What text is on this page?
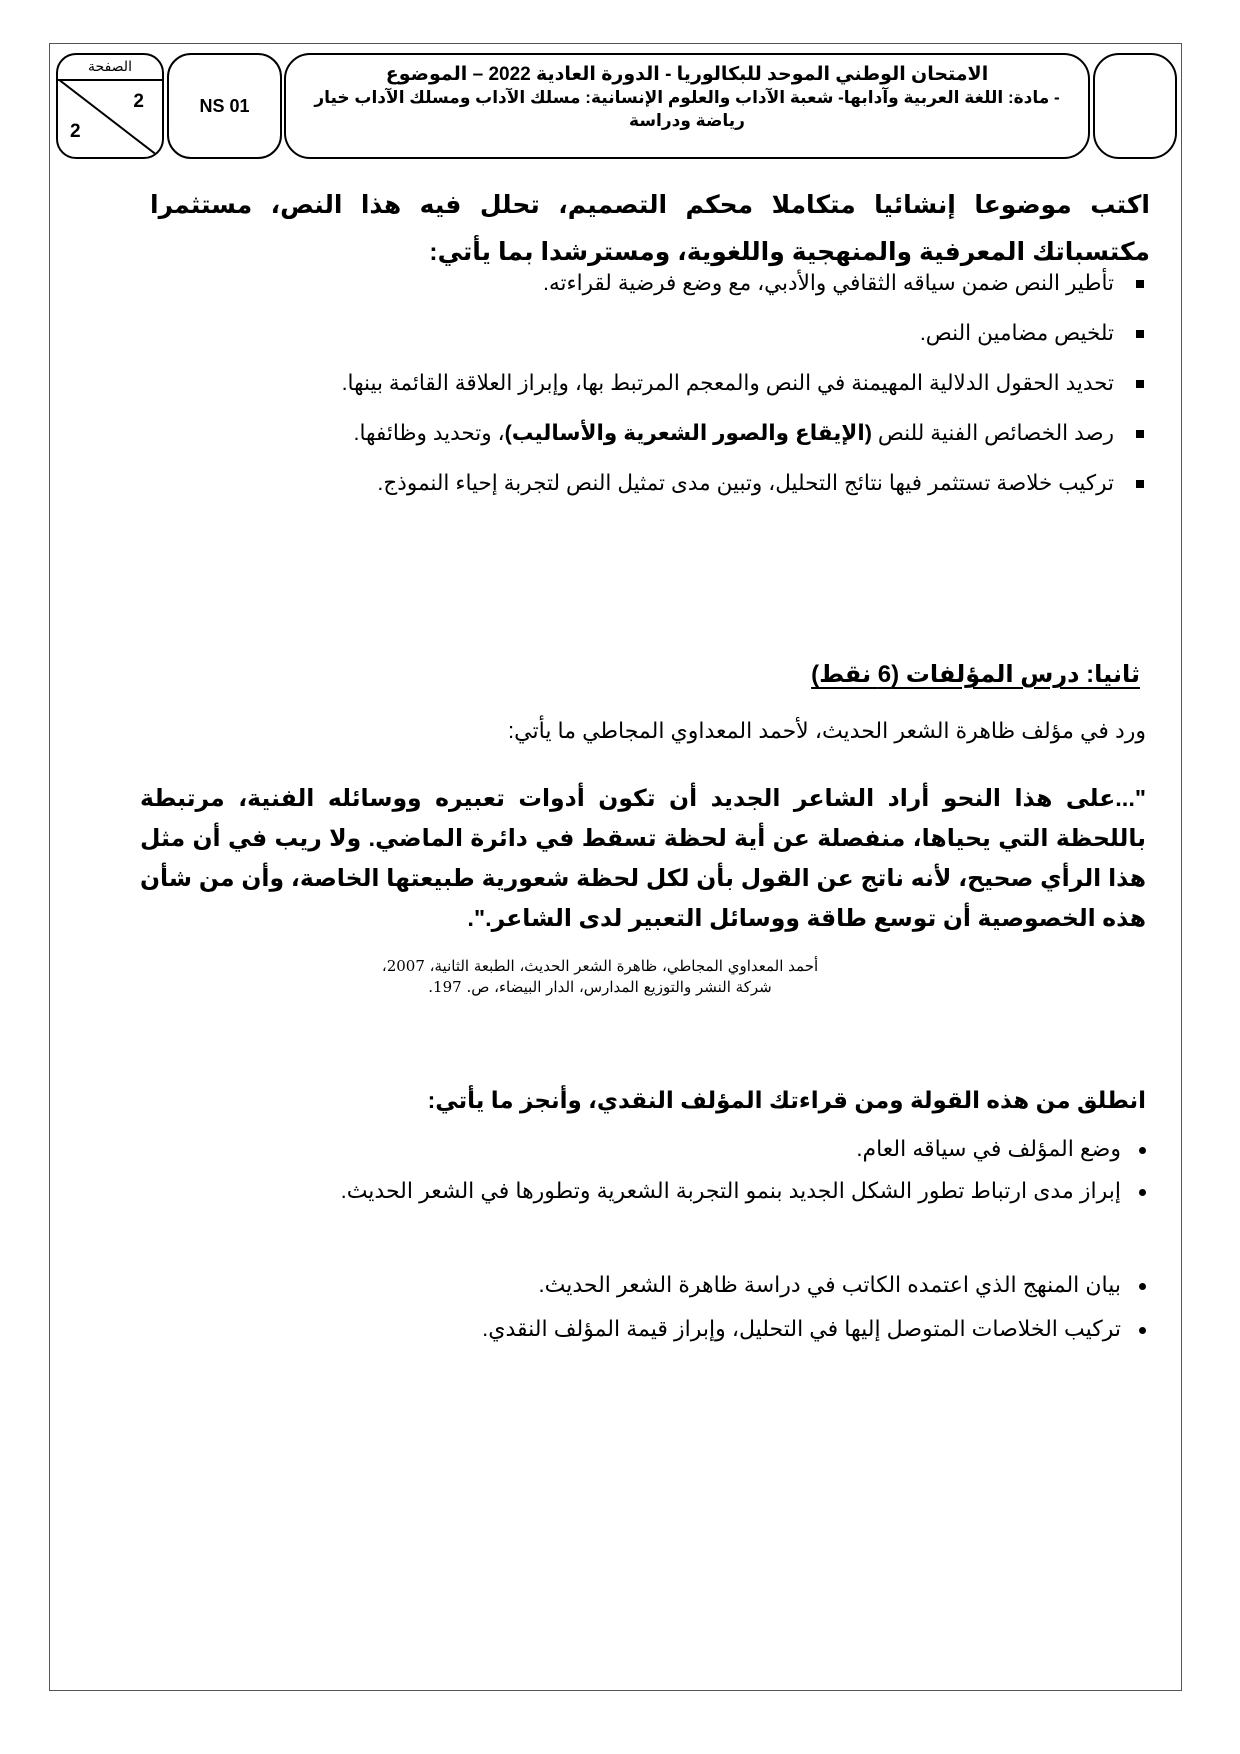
الصفحة
2
2
NS 01
الامتحان الوطني الموحد للبكالوريا - الدورة العادية 2022 – الموضوع
- مادة: اللغة العربية وآدابها- شعبة الآداب والعلوم الإنسانية: مسلك الآداب ومسلك الآداب خيار
رياضة ودراسة
اكتب موضوعا إنشائيا متكاملا محكم التصميم، تحلل فيه هذا النص، مستثمرا مكتسباتك المعرفية والمنهجية واللغوية، ومسترشدا بما يأتي:
تأطير النص ضمن سياقه الثقافي والأدبي، مع وضع فرضية لقراءته.
تلخيص مضامين النص.
تحديد الحقول الدلالية المهيمنة في النص والمعجم المرتبط بها، وإبراز العلاقة القائمة بينها.
رصد الخصائص الفنية للنص (الإيقاع والصور الشعرية والأساليب)، وتحديد وظائفها.
تركيب خلاصة تستثمر فيها نتائج التحليل، وتبين مدى تمثيل النص لتجربة إحياء النموذج.
ثانيا: درس المؤلفات (6 نقط)
ورد في مؤلف ظاهرة الشعر الحديث، لأحمد المعداوي المجاطي ما يأتي:
"...على هذا النحو أراد الشاعر الجديد أن تكون أدوات تعبيره ووسائله الفنية، مرتبطة باللحظة التي يحياها، منفصلة عن أية لحظة تسقط في دائرة الماضي. ولا ريب في أن مثل هذا الرأي صحيح، لأنه ناتج عن القول بأن لكل لحظة شعورية طبيعتها الخاصة، وأن من شأن هذه الخصوصية أن توسع طاقة ووسائل التعبير لدى الشاعر.".
أحمد المعداوي المجاطي، ظاهرة الشعر الحديث، الطبعة الثانية، 2007،
شركة النشر والتوزيع المدارس، الدار البيضاء، ص. 197.
انطلق من هذه القولة ومن قراءتك المؤلف النقدي، وأنجز ما يأتي:
وضع المؤلف في سياقه العام.
إبراز مدى ارتباط تطور الشكل الجديد بنمو التجربة الشعرية وتطورها في الشعر الحديث.
بيان المنهج الذي اعتمده الكاتب في دراسة ظاهرة الشعر الحديث.
تركيب الخلاصات المتوصل إليها في التحليل، وإبراز قيمة المؤلف النقدي.
